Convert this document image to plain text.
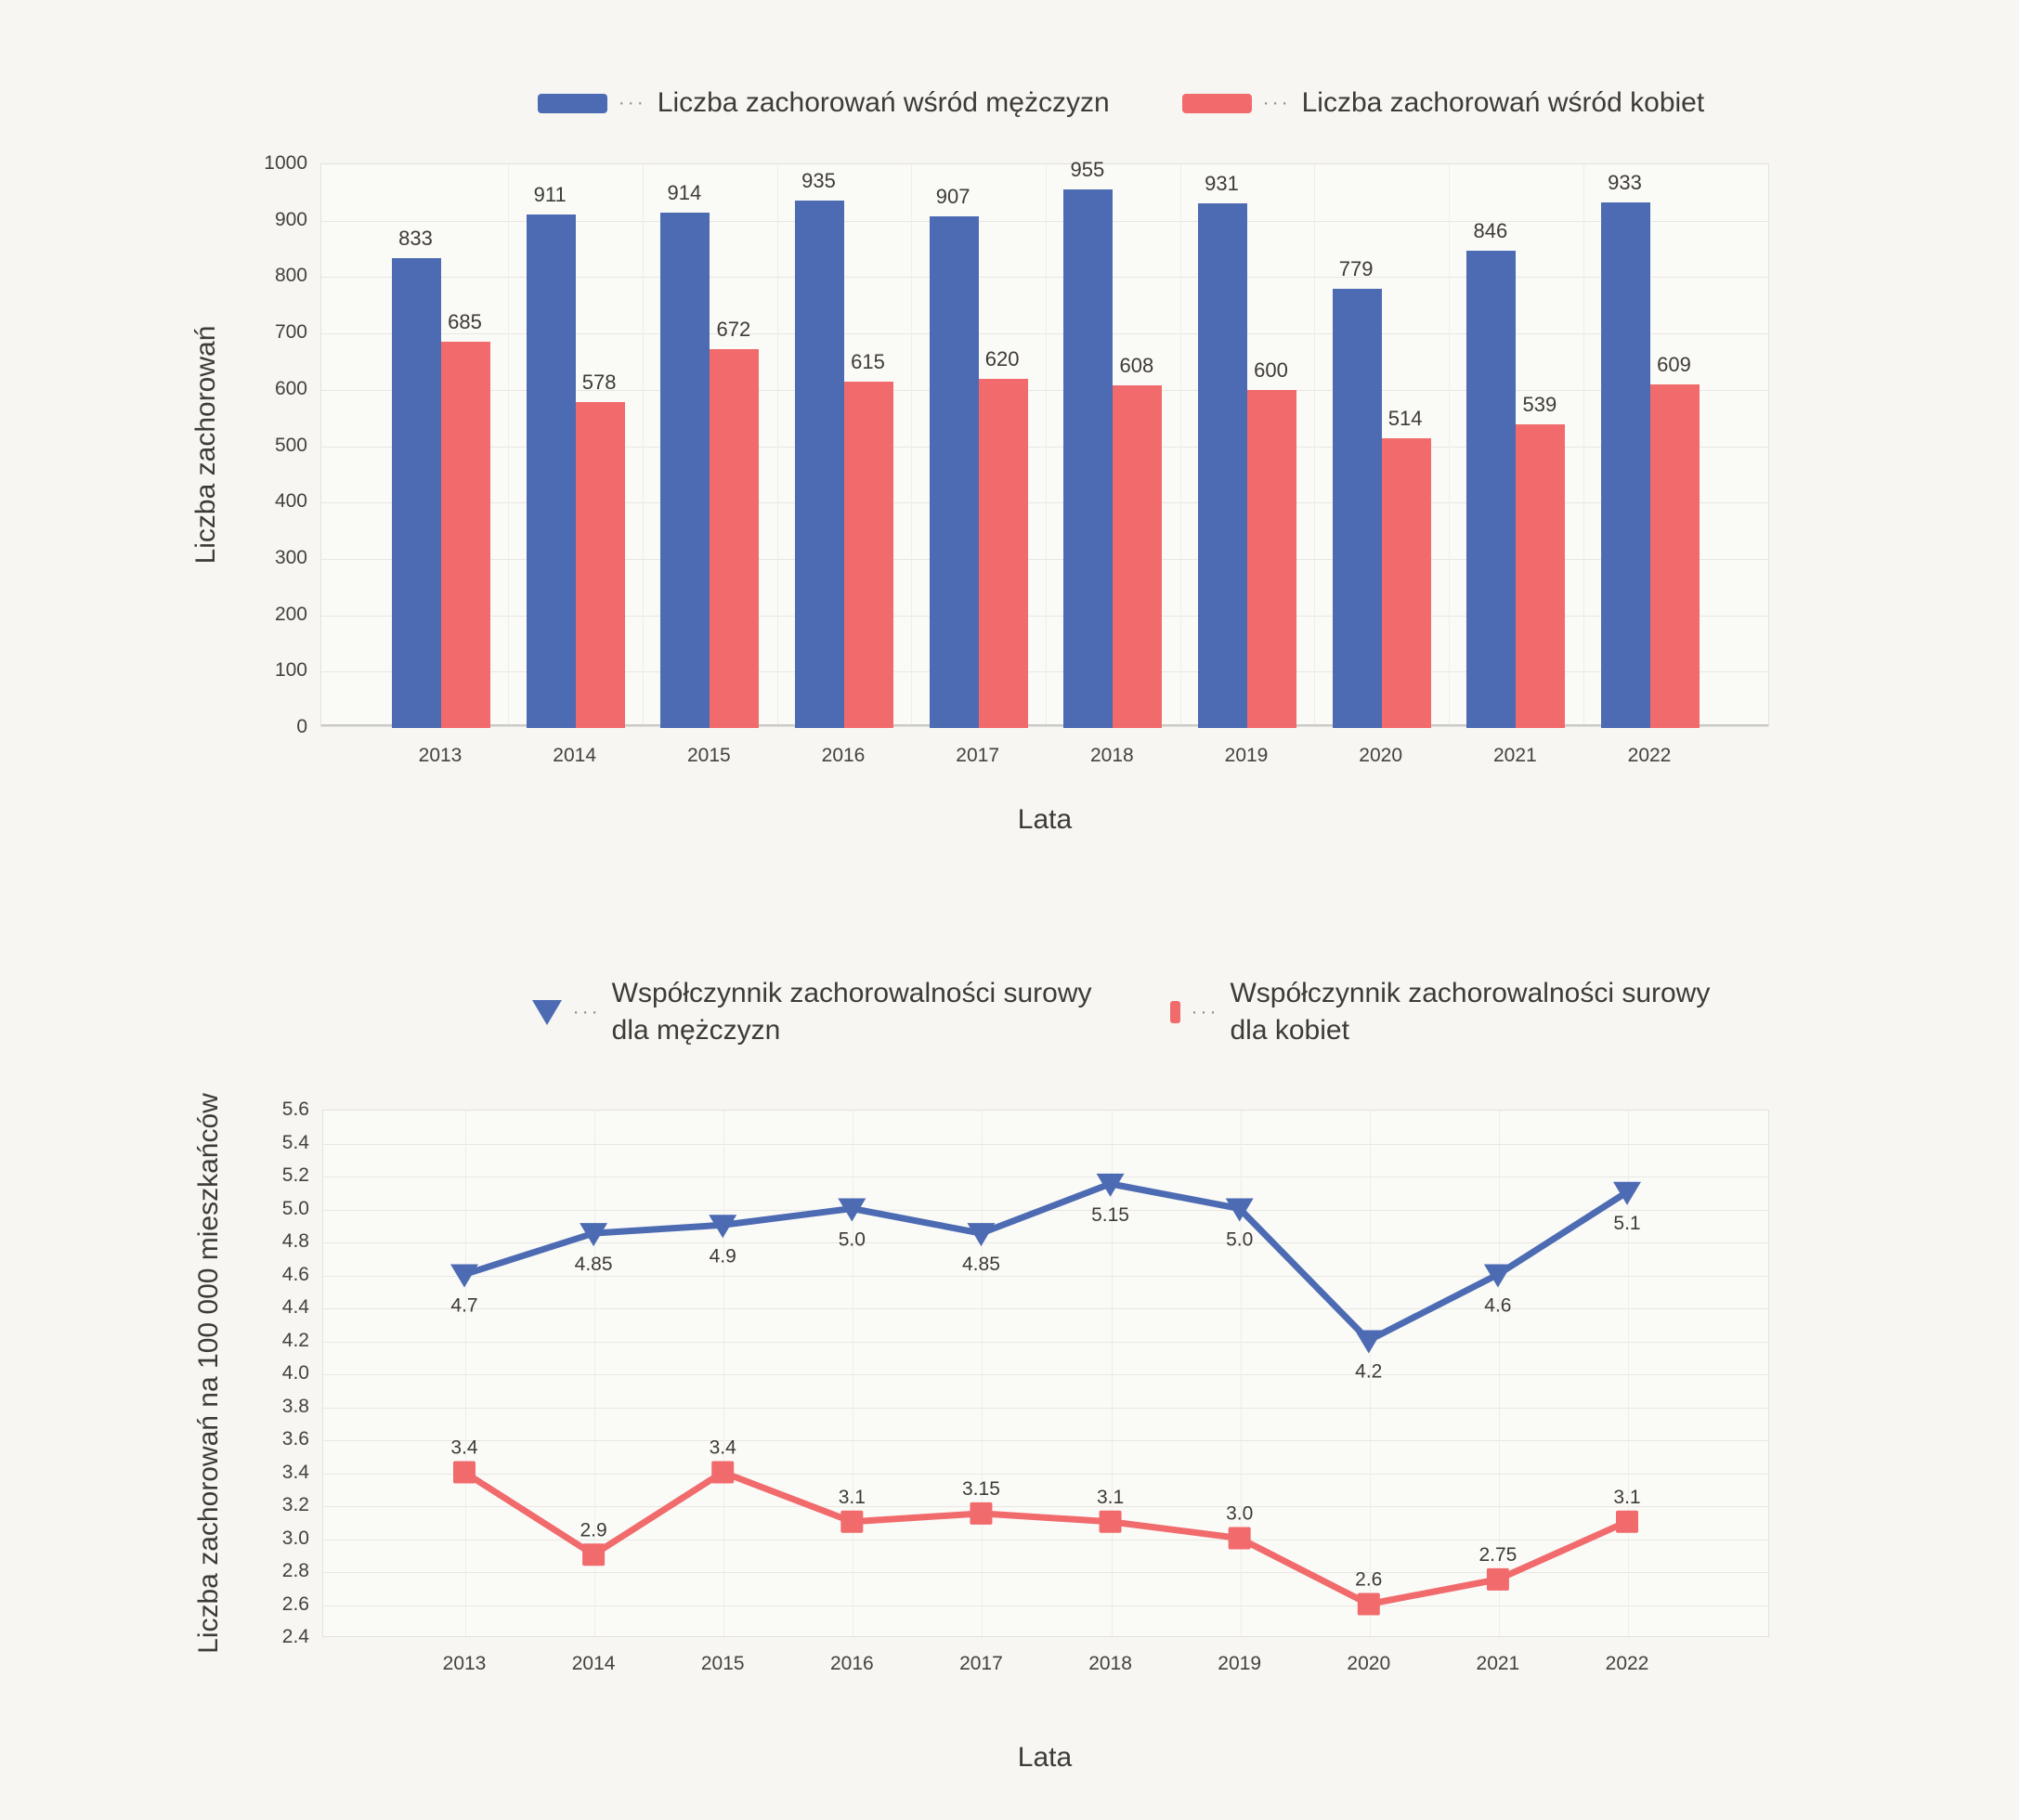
··· Liczba zachorowań wśród mężczyzn	··· Liczba zachorowań wśród kobiet
Liczba zachorowań
0
100
200
300
400
500
600
700
800
900
1000
2013	2014	2015	2016	2017	2018	2019	2020	2021	2022
833
911	914
935
907
955
931
779
846
933
685
578
672
615	620	608	600
514
539
609
Lata
···
Współczynnik zachorowalności surowy
dla mężczyzn
···
Współczynnik zachorowalności surowy
dla kobiet
Liczba zachorowań na 100 000 mieszkańców	2.4
2.6
2.8
3.0
3.2
3.4
3.6
3.8
4.0
4.2
4.4
4.6
4.8
5.0
5.2
5.4
5.6
2013	2014	2015	2016	2017	2018	2019	2020	2021	2022
4.7
4.85	4.9
5.0
4.85
5.15
5.0
4.2
4.6
5.1
3.4
2.9
3.4
3.1	3.15	3.1
3.0
2.6
2.75
3.1
Lata
